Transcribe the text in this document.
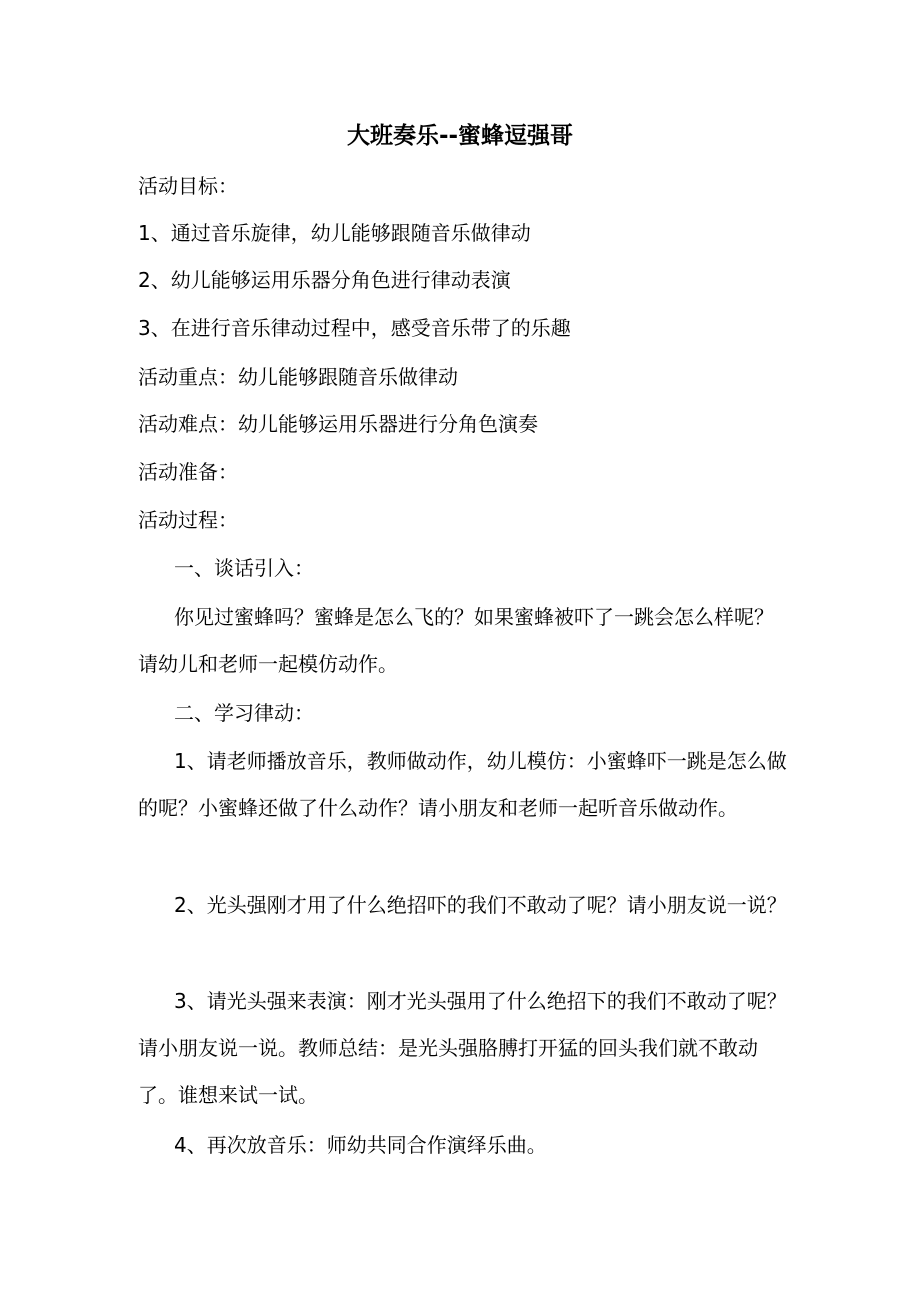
大班奏乐--蜜蜂逗强哥
活动目标：
1、通过音乐旋律，幼儿能够跟随音乐做律动
2、幼儿能够运用乐器分角色进行律动表演
3、在进行音乐律动过程中，感受音乐带了的乐趣
活动重点：幼儿能够跟随音乐做律动
活动难点：幼儿能够运用乐器进行分角色演奏
活动准备：
活动过程：
一、谈话引入：
你见过蜜蜂吗？蜜蜂是怎么飞的？如果蜜蜂被吓了一跳会怎么样呢？请幼儿和老师一起模仿动作。
二、学习律动：
1、请老师播放音乐，教师做动作，幼儿模仿：小蜜蜂吓一跳是怎么做的呢？小蜜蜂还做了什么动作？请小朋友和老师一起听音乐做动作。
2、光头强刚才用了什么绝招吓的我们不敢动了呢？请小朋友说一说？
3、请光头强来表演：刚才光头强用了什么绝招下的我们不敢动了呢？请小朋友说一说。教师总结：是光头强胳膊打开猛的回头我们就不敢动了。谁想来试一试。
4、再次放音乐：师幼共同合作演绎乐曲。
